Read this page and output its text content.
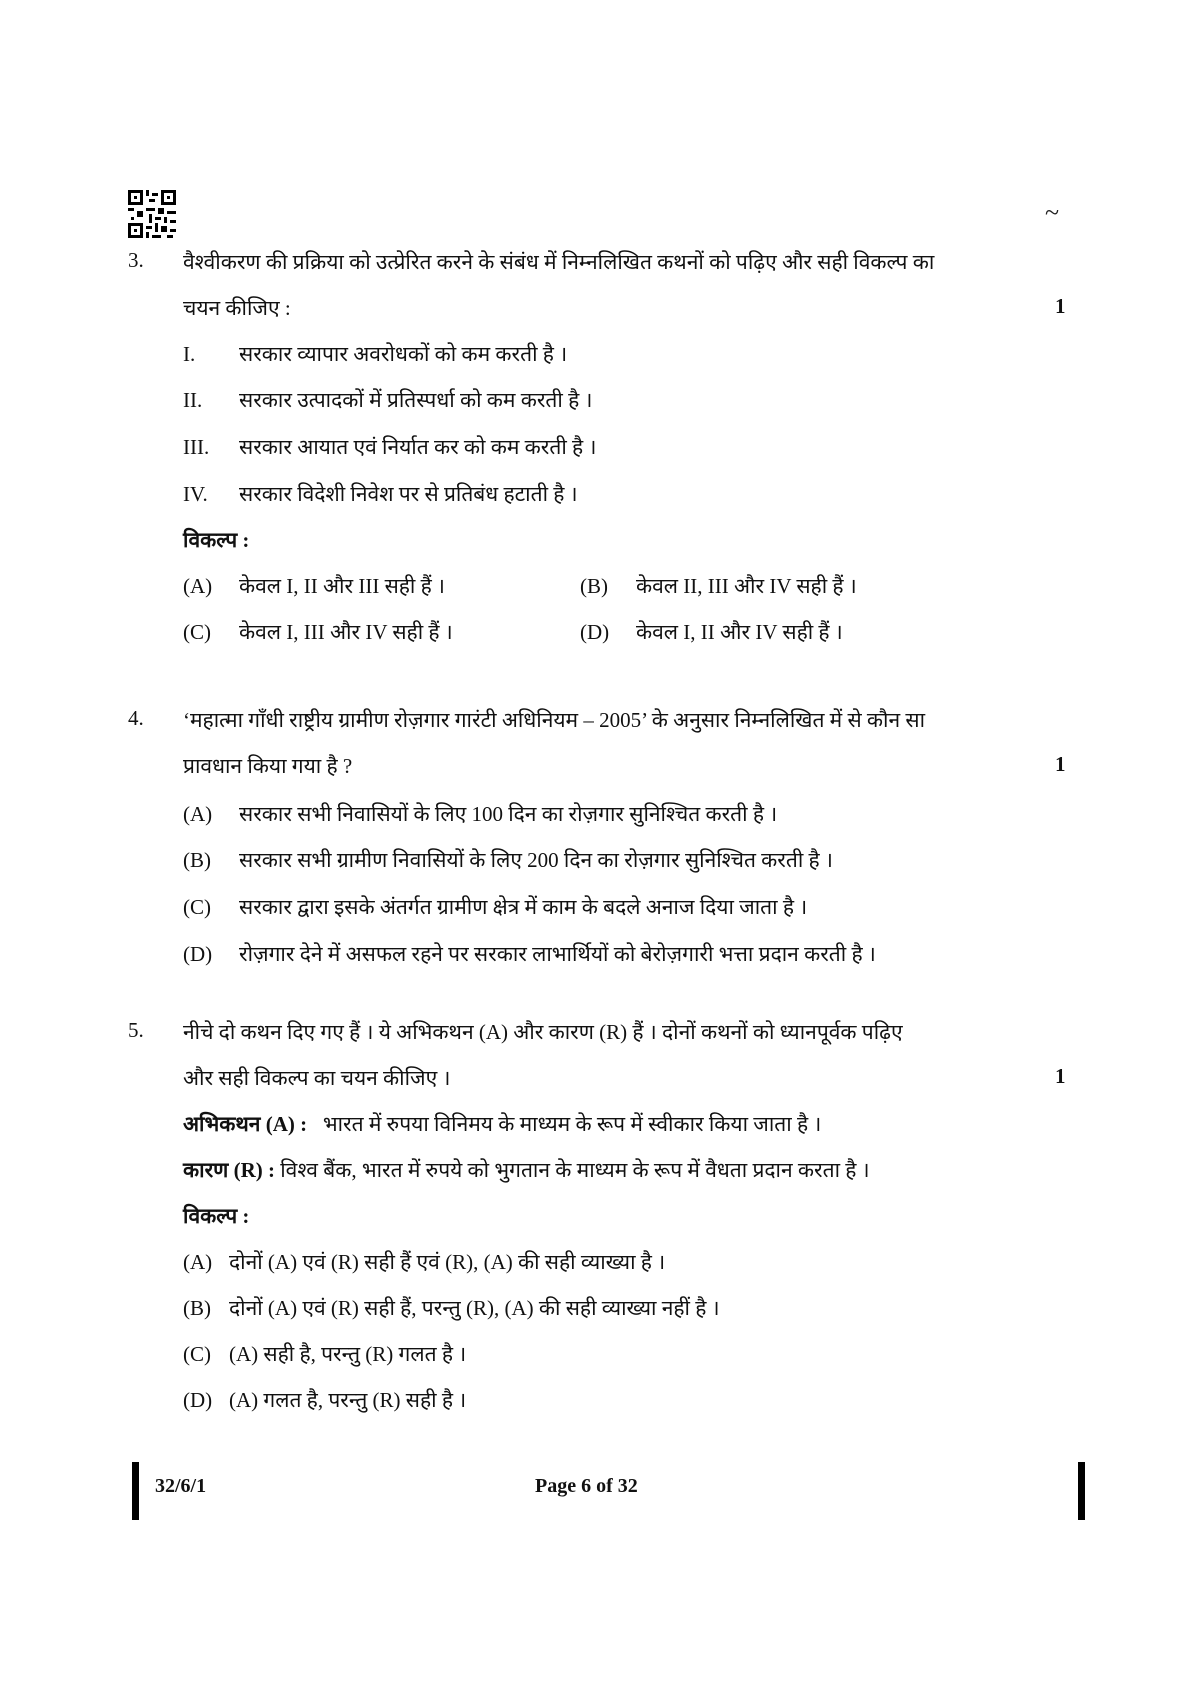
~
3. वैश्वीकरण की प्रक्रिया को उत्प्रेरित करने के संबंध में निम्नलिखित कथनों को पढ़िए और सही विकल्प का
चयन कीजिए :	1
I. सरकार व्यापार अवरोधकों को कम करती है ।
II. सरकार उत्पादकों में प्रतिस्पर्धा को कम करती है ।
III. सरकार आयात एवं निर्यात कर को कम करती है ।
IV. सरकार विदेशी निवेश पर से प्रतिबंध हटाती है ।
विकल्प :
(A) केवल I, II और III सही हैं ।	(B) केवल II, III और IV सही हैं ।
(C) केवल I, III और IV सही हैं ।	(D) केवल I, II और IV सही हैं ।
4. ‘महात्मा गाँधी राष्ट्रीय ग्रामीण रोज़गार गारंटी अधिनियम – 2005’ के अनुसार निम्नलिखित में से कौन सा
प्रावधान किया गया है ?	1
(A) सरकार सभी निवासियों के लिए 100 दिन का रोज़गार सुनिश्चित करती है ।
(B) सरकार सभी ग्रामीण निवासियों के लिए 200 दिन का रोज़गार सुनिश्चित करती है ।
(C) सरकार द्वारा इसके अंतर्गत ग्रामीण क्षेत्र में काम के बदले अनाज दिया जाता है ।
(D) रोज़गार देने में असफल रहने पर सरकार लाभार्थियों को बेरोज़गारी भत्ता प्रदान करती है ।
5. नीचे दो कथन दिए गए हैं । ये अभिकथन (A) और कारण (R) हैं । दोनों कथनों को ध्यानपूर्वक पढ़िए
और सही विकल्प का चयन कीजिए ।	1
अभिकथन (A) : भारत में रुपया विनिमय के माध्यम के रूप में स्वीकार किया जाता है ।
कारण (R) : विश्व बैंक, भारत में रुपये को भुगतान के माध्यम के रूप में वैधता प्रदान करता है ।
विकल्प :
(A) दोनों (A) एवं (R) सही हैं एवं (R), (A) की सही व्याख्या है ।
(B) दोनों (A) एवं (R) सही हैं, परन्तु (R), (A) की सही व्याख्या नहीं है ।
(C) (A) सही है, परन्तु (R) गलत है ।
(D) (A) गलत है, परन्तु (R) सही है ।
32/6/1	Page 6 of 32
